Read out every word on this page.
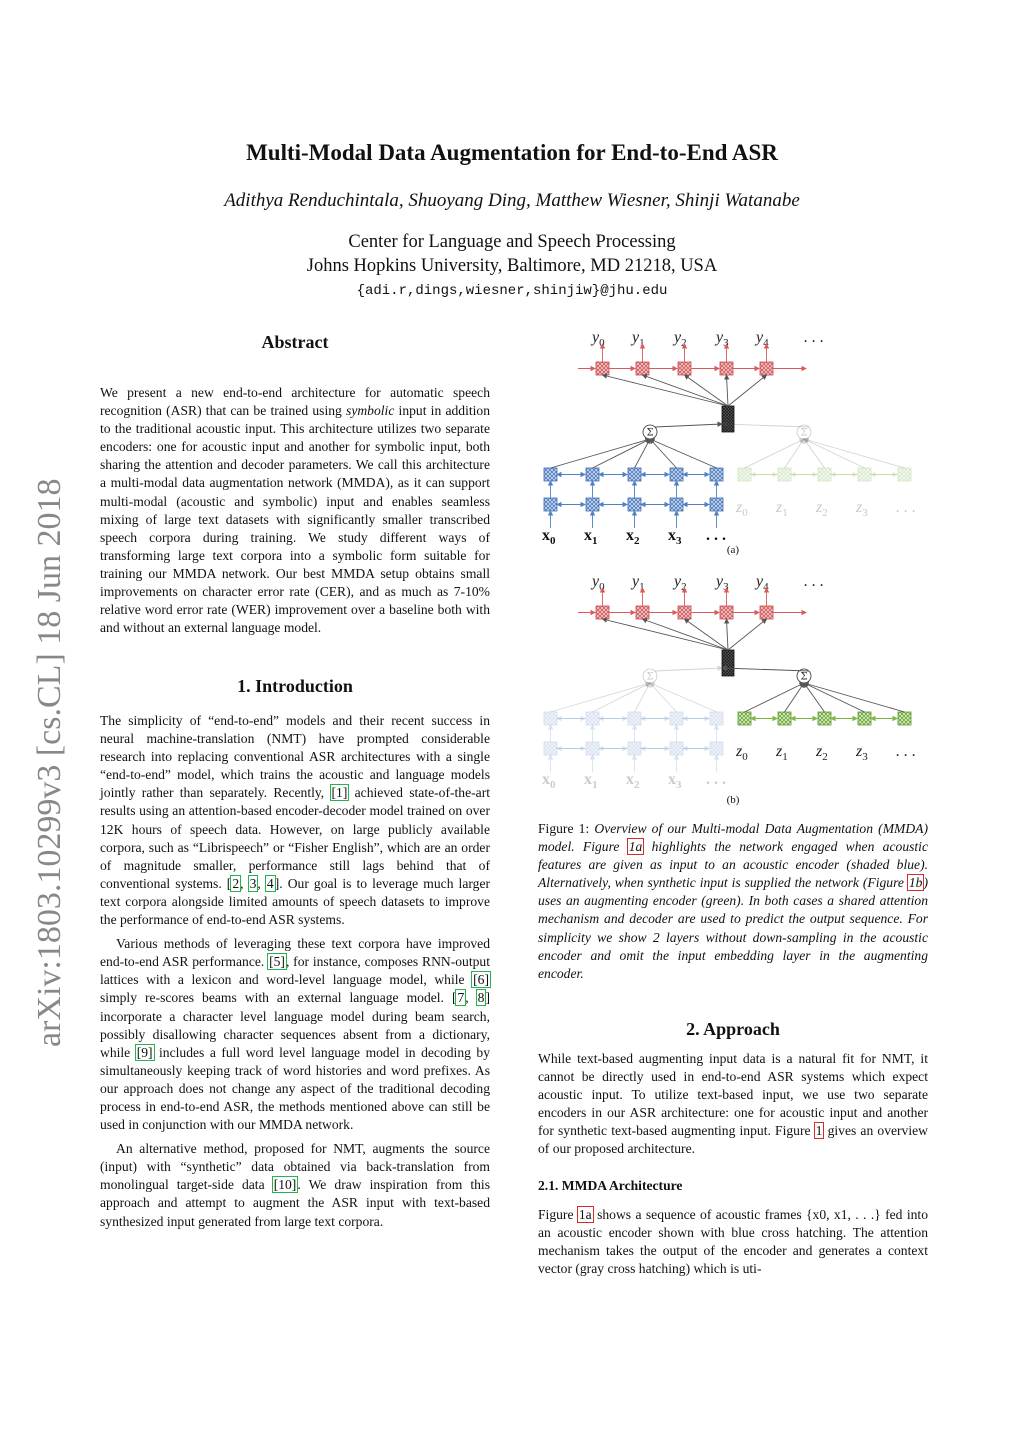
arXiv:1803.10299v3 [cs.CL] 18 Jun 2018
Multi-Modal Data Augmentation for End-to-End ASR
Adithya Renduchintala, Shuoyang Ding, Matthew Wiesner, Shinji Watanabe
Center for Language and Speech Processing
Johns Hopkins University, Baltimore, MD 21218, USA
{adi.r,dings,wiesner,shinjiw}@jhu.edu
Abstract

We present a new end-to-end architecture for automatic speech recognition (ASR) that can be trained using symbolic input in addition to the traditional acoustic input. This architecture utilizes two separate encoders: one for acoustic input and another for symbolic input, both sharing the attention and decoder parameters. We call this architecture a multi-modal data augmentation network (MMDA), as it can support multi-modal (acoustic and symbolic) input and enables seamless mixing of large text datasets with significantly smaller transcribed speech corpora during training. We study different ways of transforming large text corpora into a symbolic form suitable for training our MMDA network. Our best MMDA setup obtains small improvements on character error rate (CER), and as much as 7-10% relative word error rate (WER) improvement over a baseline both with and without an external language model.

1. Introduction

The simplicity of “end-to-end” models and their recent success in neural machine-translation (NMT) have prompted considerable research into replacing conventional ASR architectures with a single “end-to-end” model, which trains the acoustic and language models jointly rather than separately. Recently, [1] achieved state-of-the-art results using an attention-based encoder-decoder model trained on over 12K hours of speech data. However, on large publicly available corpora, such as “Librispeech” or “Fisher English”, which are an order of magnitude smaller, performance still lags behind that of conventional systems. [2, 3, 4]. Our goal is to leverage much larger text corpora alongside limited amounts of speech datasets to improve the performance of end-to-end ASR systems.

Various methods of leveraging these text corpora have improved end-to-end ASR performance. [5], for instance, composes RNN-output lattices with a lexicon and word-level language model, while [6] simply re-scores beams with an external language model. [7, 8] incorporate a character level language model during beam search, possibly disallowing character sequences absent from a dictionary, while [9] includes a full word level language model in decoding by simultaneously keeping track of word histories and word prefixes. As our approach does not change any aspect of the traditional decoding process in end-to-end ASR, the methods mentioned above can still be used in conjunction with our MMDA network.

An alternative method, proposed for NMT, augments the source (input) with “synthetic” data obtained via back-translation from monolingual target-side data [10]. We draw inspiration from this approach and attempt to augment the ASR input with text-based synthesized input generated from large text corpora.

$y_0$ $y_1$ $y_2$ $y_3$ $y_4$ . . .
Σ	Σ
$x_0$ $x_1$ $x_2$ $x_3$ . . .
$z_0$ $z_1$ $z_2$ $z_3$ . . .
$y_0$ $y_1$ $y_2$ $y_3$ $y_4$ . . .
Σ	Σ
$x_0$ $x_1$ $x_2$ $x_3$ . . .
$z_0$ $z_1$ $z_2$ $z_3$ . . .
(a)
(b)
Figure 1: Overview of our Multi-modal Data Augmentation (MMDA) model. Figure 1a highlights the network engaged when acoustic features are given as input to an acoustic encoder (shaded blue). Alternatively, when synthetic input is supplied the network (Figure 1b) uses an augmenting encoder (green). In both cases a shared attention mechanism and decoder are used to predict the output sequence. For simplicity we show 2 layers without down-sampling in the acoustic encoder and omit the input embedding layer in the augmenting encoder.
2. Approach

While text-based augmenting input data is a natural fit for NMT, it cannot be directly used in end-to-end ASR systems which expect acoustic input. To utilize text-based input, we use two separate encoders in our ASR architecture: one for acoustic input and another for synthetic text-based augmenting input. Figure 1 gives an overview of our proposed architecture.

2.1. MMDA Architecture

Figure 1a shows a sequence of acoustic frames {x0, x1, . . .} fed into an acoustic encoder shown with blue cross hatching. The attention mechanism takes the output of the encoder and generates a context vector (gray cross hatching) which is uti-
